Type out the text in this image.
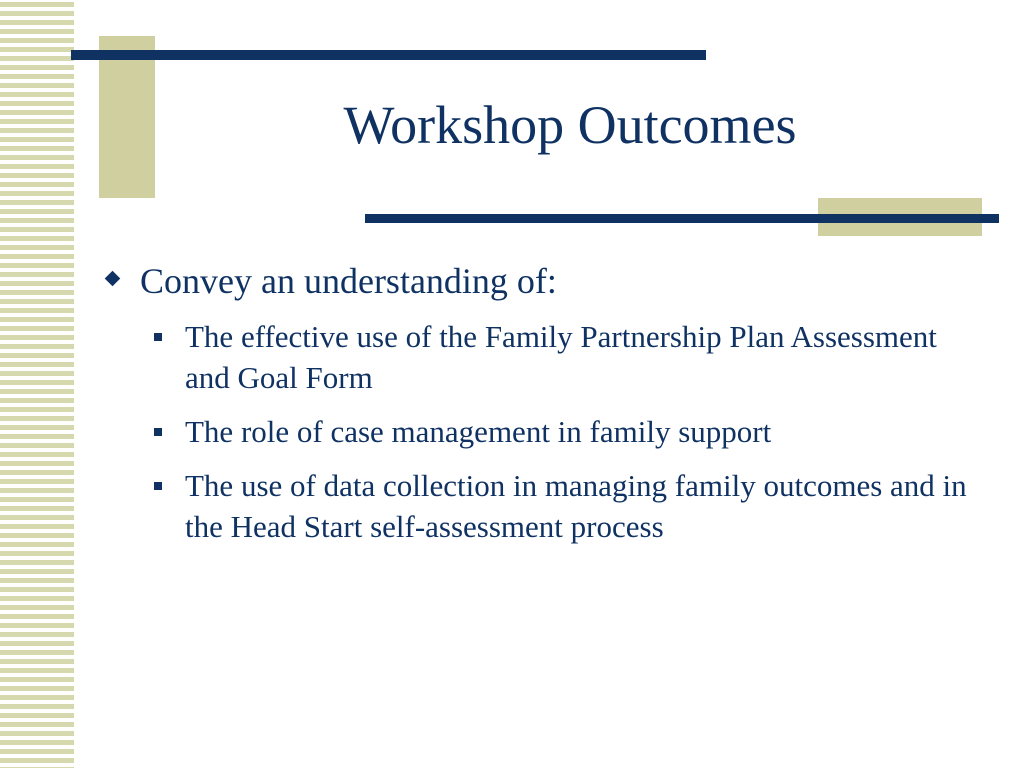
Workshop Outcomes
Convey an understanding of:
The effective use of the Family Partnership Plan Assessment and Goal Form
The role of case management in family support
The use of data collection in managing family outcomes and in the Head Start self-assessment process
